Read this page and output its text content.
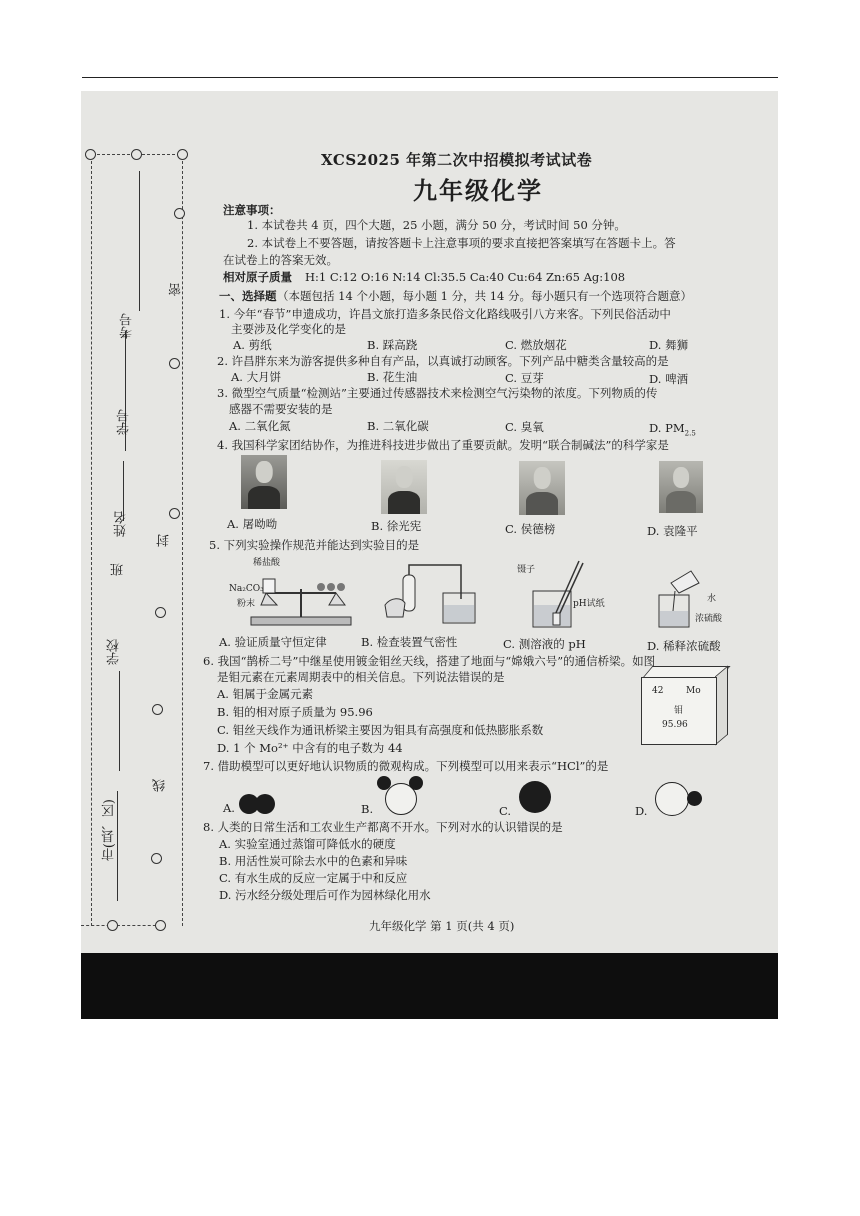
考号
学号
姓名
班
学校
市(县、区)
密
封
线
XCS2025 年第二次中招模拟考试试卷
九年级化学
注意事项：
1. 本试卷共 4 页，四个大题，25 小题，满分 50 分，考试时间 50 分钟。
2. 本试卷上不要答题，请按答题卡上注意事项的要求直接把答案填写在答题卡上。答
在试卷上的答案无效。
相对原子质量 H:1 C:12 O:16 N:14 Cl:35.5 Ca:40 Cu:64 Zn:65 Ag:108
一、选择题 （本题包括 14 个小题，每小题 1 分，共 14 分。每小题只有一个选项符合题意）
1. 今年“春节”申遗成功，许昌文旅打造多条民俗文化路线吸引八方来客。下列民俗活动中
主要涉及化学变化的是
A. 剪纸	B. 踩高跷	C. 燃放烟花	D. 舞狮
2. 许昌胖东来为游客提供多种自有产品，以真诚打动顾客。下列产品中糖类含量较高的是
A. 大月饼	B. 花生油	C. 豆芽	D. 啤酒
3. 微型空气质量“检测站”主要通过传感器技术来检测空气污染物的浓度。下列物质的传
感器不需要安装的是
A. 二氧化氮	B. 二氧化碳	C. 臭氧	D. $PM_{2.5}$
4. 我国科学家团结协作，为推进科技进步做出了重要贡献。发明“联合制碱法”的科学家是
A. 屠呦呦	B. 徐光宪	C. 侯德榜	D. 袁隆平
5. 下列实验操作规范并能达到实验目的是
稀盐酸
Na₂CO₃
粉末
镊子
pH试纸	水
浓硫酸
A. 验证质量守恒定律	B. 检查装置气密性	C. 测溶液的 pH	D. 稀释浓硫酸
6. 我国“鹊桥二号”中继星使用镀金钼丝天线，搭建了地面与“嫦娥六号”的通信桥梁。如图
是钼元素在元素周期表中的相关信息。下列说法错误的是
A. 钼属于金属元素
B. 钼的相对原子质量为 95.96
C. 钼丝天线作为通讯桥梁主要因为钼具有高强度和低热膨胀系数
D. 1 个 Mo²⁺ 中含有的电子数为 44
42	Mo
钼
95.96
7. 借助模型可以更好地认识物质的微观构成。下列模型可以用来表示“HCl”的是
A.	B.	C.	D.
8. 人类的日常生活和工农业生产都离不开水。下列对水的认识错误的是
A. 实验室通过蒸馏可降低水的硬度
B. 用活性炭可除去水中的色素和异味
C. 有水生成的反应一定属于中和反应
D. 污水经分级处理后可作为园林绿化用水
九年级化学 第 1 页(共 4 页)
